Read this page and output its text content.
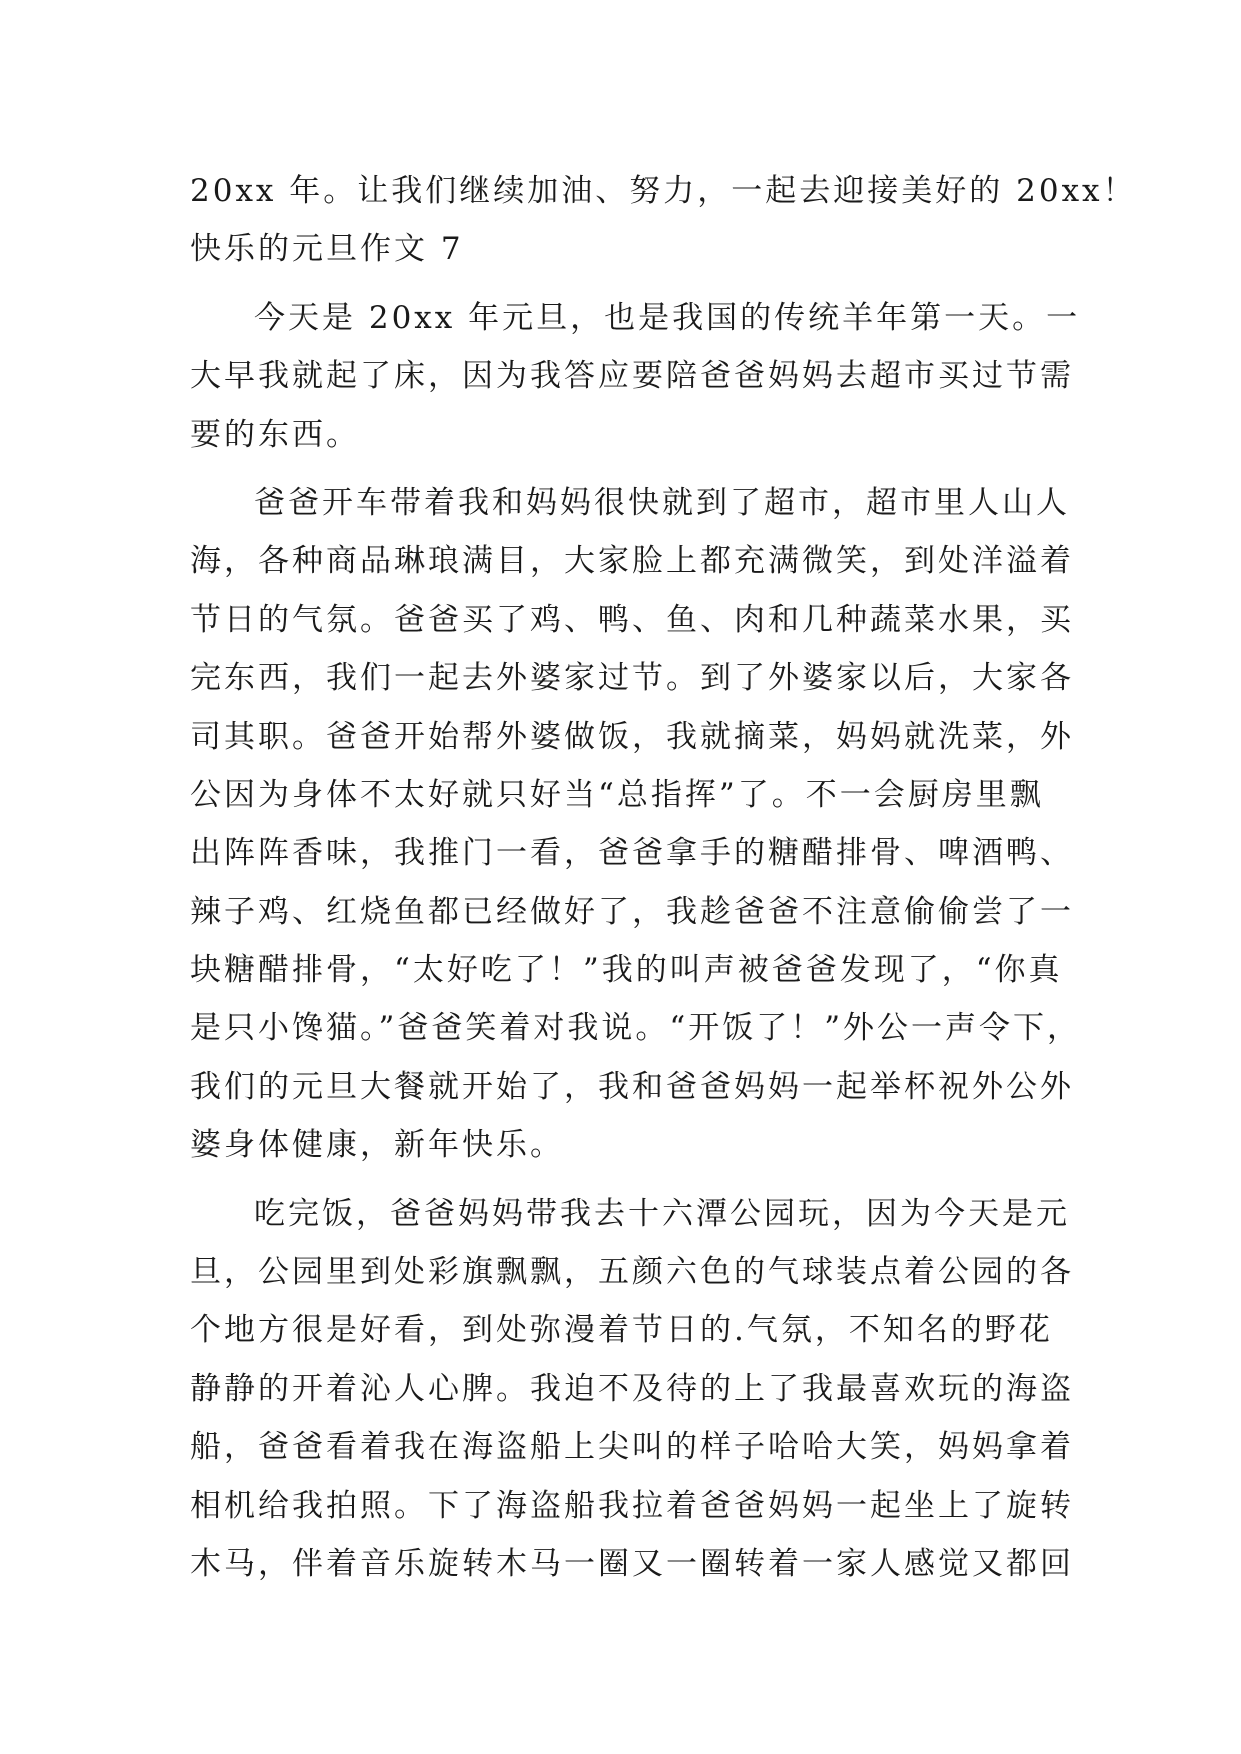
20xx 年。让我们继续加油、努力，一起去迎接美好的 20xx！
快乐的元旦作文 7
今天是 20xx 年元旦，也是我国的传统羊年第一天。一
大早我就起了床，因为我答应要陪爸爸妈妈去超市买过节需
要的东西。
爸爸开车带着我和妈妈很快就到了超市，超市里人山人
海，各种商品琳琅满目，大家脸上都充满微笑，到处洋溢着
节日的气氛。爸爸买了鸡、鸭、鱼、肉和几种蔬菜水果，买
完东西，我们一起去外婆家过节。到了外婆家以后，大家各
司其职。爸爸开始帮外婆做饭，我就摘菜，妈妈就洗菜，外
公因为身体不太好就只好当“总指挥”了。不一会厨房里飘
出阵阵香味，我推门一看，爸爸拿手的糖醋排骨、啤酒鸭、
辣子鸡、红烧鱼都已经做好了，我趁爸爸不注意偷偷尝了一
块糖醋排骨，“太好吃了！”我的叫声被爸爸发现了，“你真
是只小馋猫。”爸爸笑着对我说。“开饭了！”外公一声令下，
我们的元旦大餐就开始了，我和爸爸妈妈一起举杯祝外公外
婆身体健康，新年快乐。
吃完饭，爸爸妈妈带我去十六潭公园玩，因为今天是元
旦，公园里到处彩旗飘飘，五颜六色的气球装点着公园的各
个地方很是好看，到处弥漫着节日的.气氛，不知名的野花
静静的开着沁人心脾。我迫不及待的上了我最喜欢玩的海盗
船，爸爸看着我在海盗船上尖叫的样子哈哈大笑，妈妈拿着
相机给我拍照。下了海盗船我拉着爸爸妈妈一起坐上了旋转
木马，伴着音乐旋转木马一圈又一圈转着一家人感觉又都回
